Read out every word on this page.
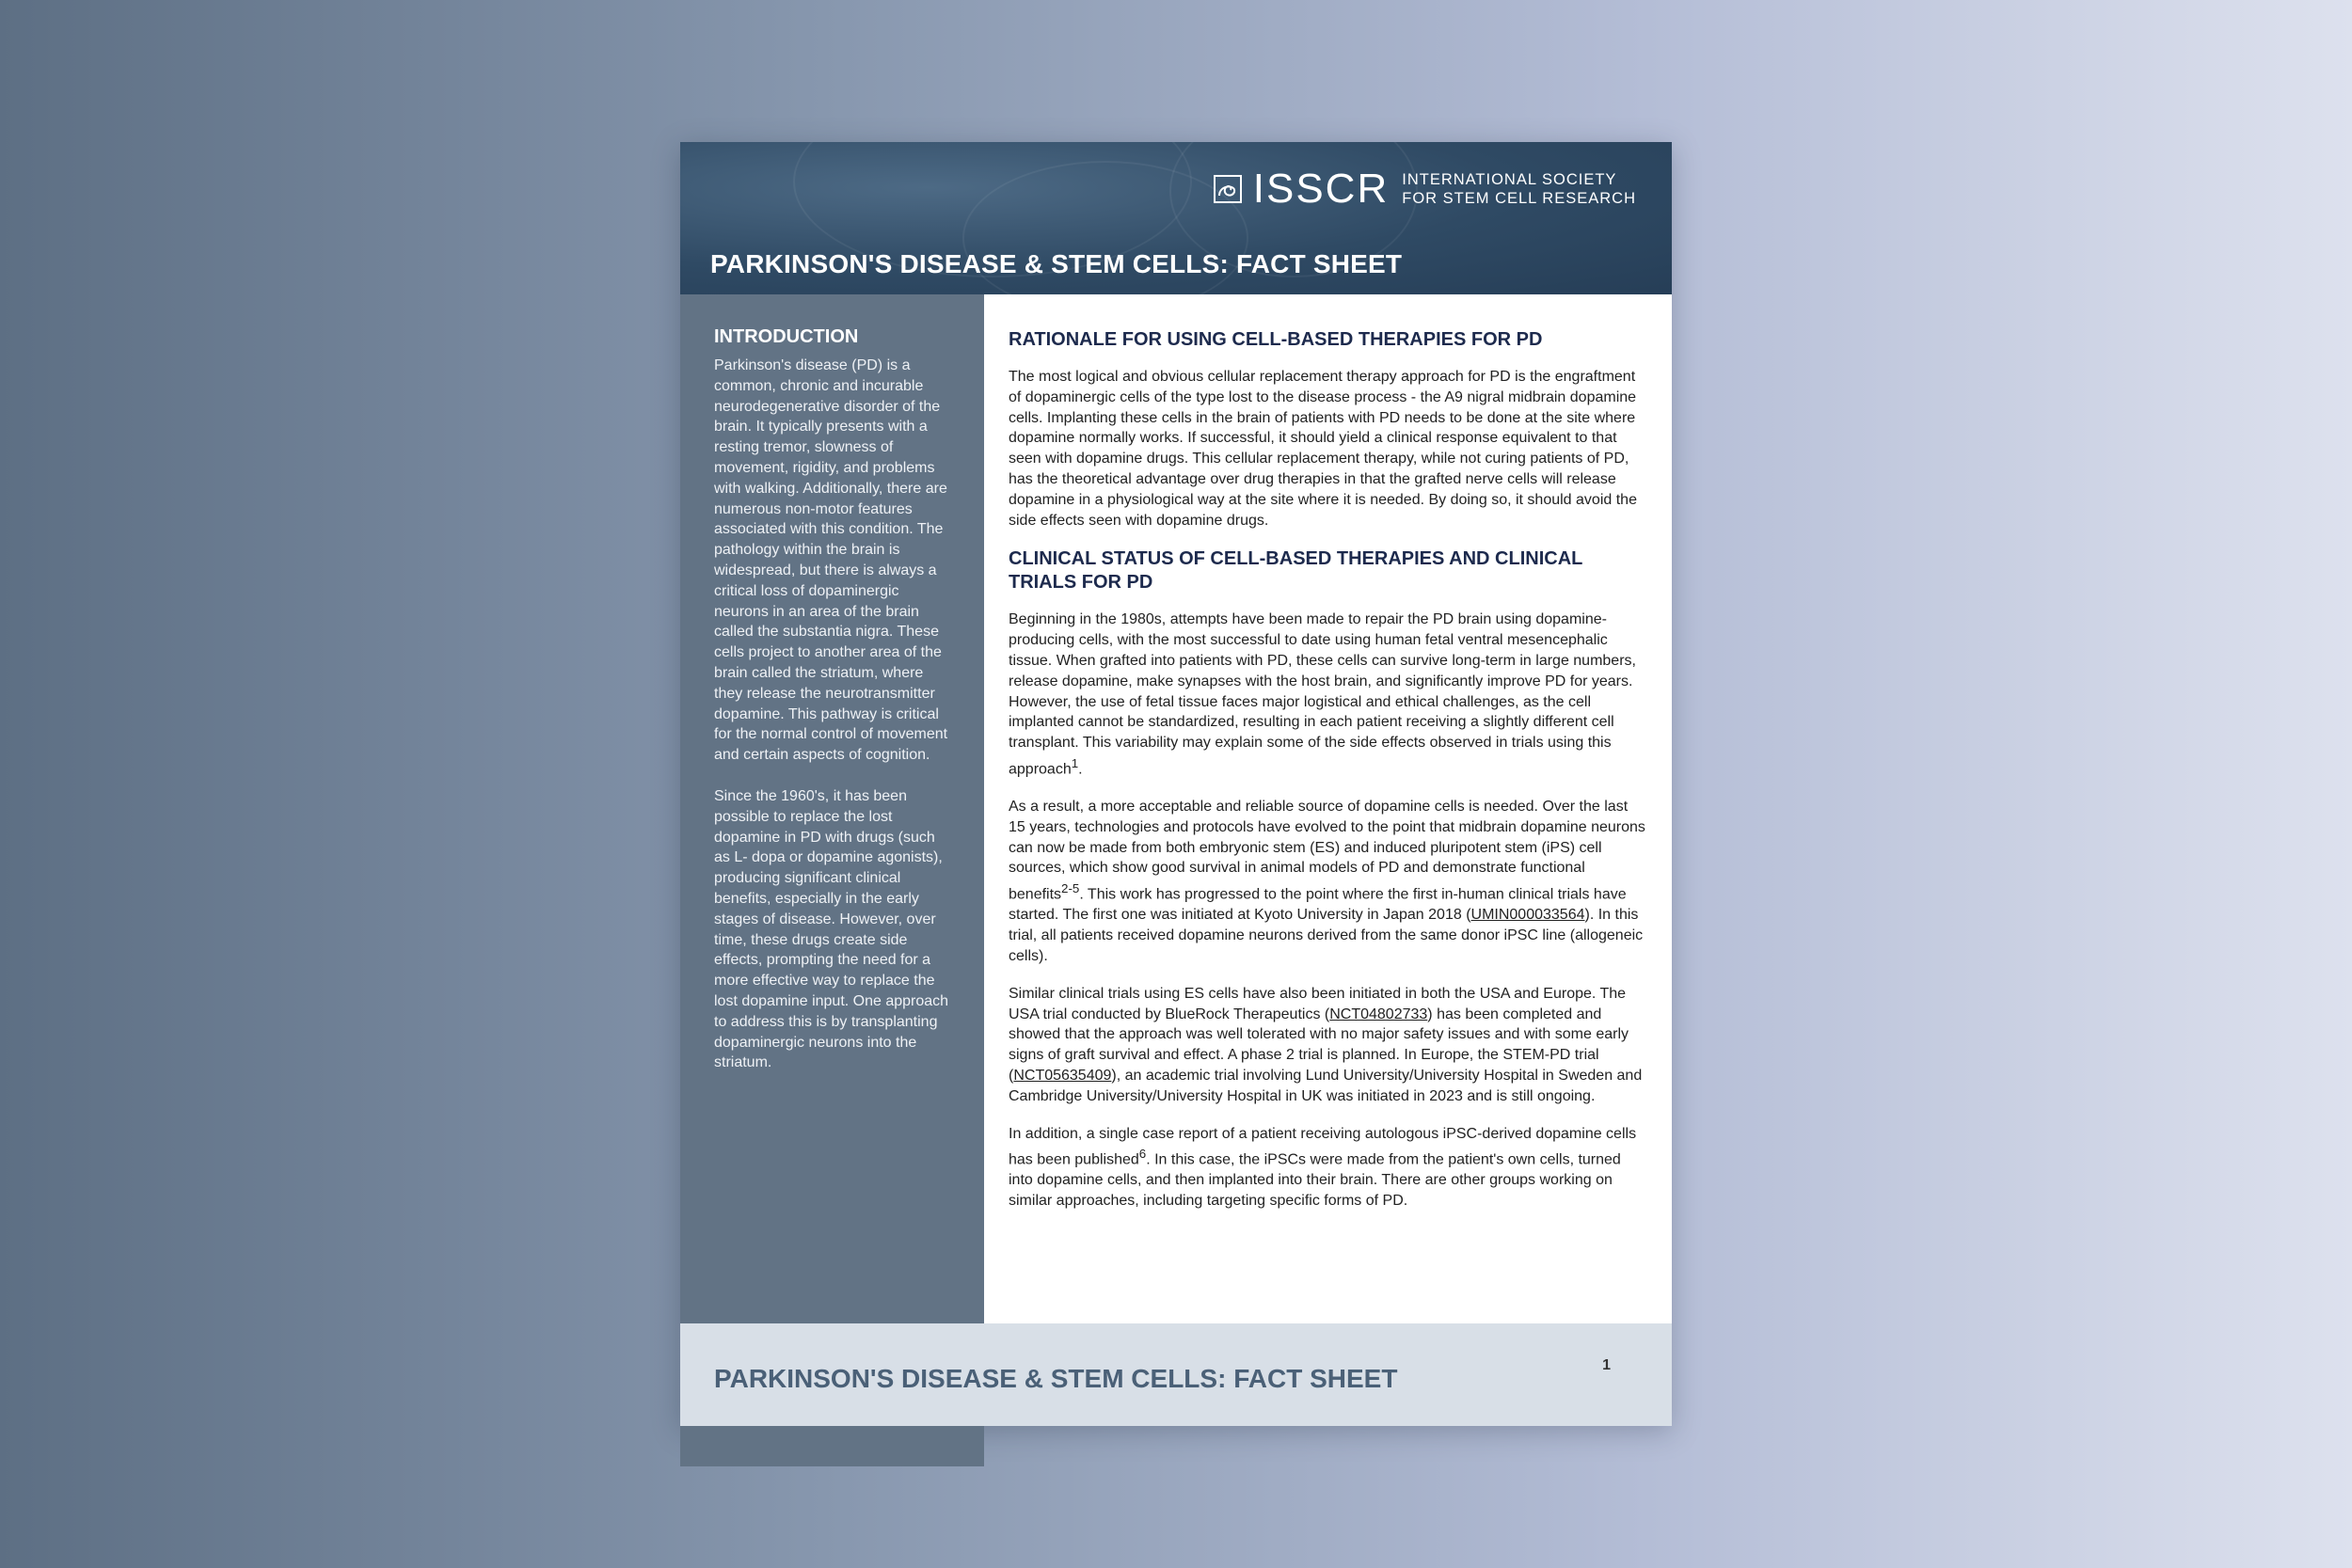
ISSCR INTERNATIONAL SOCIETY
FOR STEM CELL RESEARCH
PARKINSON'S DISEASE & STEM CELLS: FACT SHEET

INTRODUCTION

Parkinson's disease (PD) is a common, chronic and incurable neurodegenerative disorder of the brain. It typically presents with a resting tremor, slowness of movement, rigidity, and problems with walking. Additionally, there are numerous non-motor features associated with this condition. The pathology within the brain is widespread, but there is always a critical loss of dopaminergic neurons in an area of the brain called the substantia nigra. These cells project to another area of the brain called the striatum, where they release the neurotransmitter dopamine. This pathway is critical for the normal control of movement and certain aspects of cognition.

Since the 1960's, it has been possible to replace the lost dopamine in PD with drugs (such as L- dopa or dopamine agonists), producing significant clinical benefits, especially in the early stages of disease. However, over time, these drugs create side effects, prompting the need for a more effective way to replace the lost dopamine input. One approach to address this is by transplanting dopaminergic neurons into the striatum.

RATIONALE FOR USING CELL-BASED THERAPIES FOR PD

The most logical and obvious cellular replacement therapy approach for PD is the engraftment of dopaminergic cells of the type lost to the disease process - the A9 nigral midbrain dopamine cells. Implanting these cells in the brain of patients with PD needs to be done at the site where dopamine normally works. If successful, it should yield a clinical response equivalent to that seen with dopamine drugs. This cellular replacement therapy, while not curing patients of PD, has the theoretical advantage over drug therapies in that the grafted nerve cells will release dopamine in a physiological way at the site where it is needed. By doing so, it should avoid the side effects seen with dopamine drugs.

CLINICAL STATUS OF CELL-BASED THERAPIES AND CLINICAL TRIALS FOR PD

Beginning in the 1980s, attempts have been made to repair the PD brain using dopamine-producing cells, with the most successful to date using human fetal ventral mesencephalic tissue. When grafted into patients with PD, these cells can survive long-term in large numbers, release dopamine, make synapses with the host brain, and significantly improve PD for years. However, the use of fetal tissue faces major logistical and ethical challenges, as the cell implanted cannot be standardized, resulting in each patient receiving a slightly different cell transplant. This variability may explain some of the side effects observed in trials using this approach$^1$.

As a result, a more acceptable and reliable source of dopamine cells is needed. Over the last 15 years, technologies and protocols have evolved to the point that midbrain dopamine neurons can now be made from both embryonic stem (ES) and induced pluripotent stem (iPS) cell sources, which show good survival in animal models of PD and demonstrate functional benefits$^{2-5}$. This work has progressed to the point where the first in-human clinical trials have started. The first one was initiated at Kyoto University in Japan 2018 (UMIN000033564). In this trial, all patients received dopamine neurons derived from the same donor iPSC line (allogeneic cells).

Similar clinical trials using ES cells have also been initiated in both the USA and Europe. The USA trial conducted by BlueRock Therapeutics (NCT04802733) has been completed and showed that the approach was well tolerated with no major safety issues and with some early signs of graft survival and effect. A phase 2 trial is planned. In Europe, the STEM-PD trial (NCT05635409), an academic trial involving Lund University/University Hospital in Sweden and Cambridge University/University Hospital in UK was initiated in 2023 and is still ongoing.

In addition, a single case report of a patient receiving autologous iPSC-derived dopamine cells has been published$^6$. In this case, the iPSCs were made from the patient's own cells, turned into dopamine cells, and then implanted into their brain. There are other groups working on similar approaches, including targeting specific forms of PD.

PARKINSON'S DISEASE & STEM CELLS: FACT SHEET	1
